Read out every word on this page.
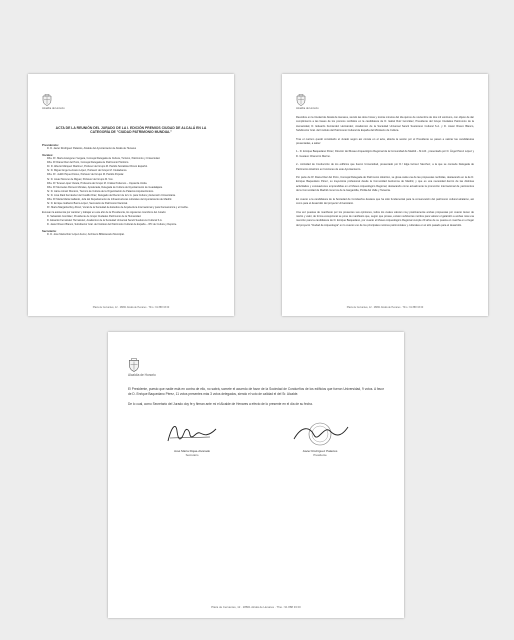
Alcaldía de Honorio
ACTA DE LA REUNIÓN DEL JURADO DE LA I. EDICIÓN PREMIOS CIUDAD DE ALCALÁ EN LA CATEGORÍA DE "CIUDAD PATRIMONIO MUNDIAL"
Presidencia:
D. D. Javier Rodríguez Palacios, Alcalde del Ayuntamiento de Alcalá de Henares
Vocales:
Dña. Dª. María Aranguren Vergara, Concejal Delegada de Cultura, Turismo, Patrimonio y Universidad.
Dña. Dª Diana Díaz del Pozo, Concejal Delegada de Patrimonio Histórico.
Dr. D. Alberto Márquez Martínez, Profesor del Grupo M. Partido Socialista Obrero Español.
Sr. D. Miguel Ángel Lezcano López, Portavoz del Grupo M. Ciudadanos.
Dña. Dª. Judith Piquet Flores, Portavoz del Grupo M. Partido Popular.
Sr. D. Javier Moreno de Miguel, Portavoz del Grupo M. Vox.
Dña. Dª Teresa López Varela, Profesora del Grupo M. Unidas Podemos – Izquierda Unida.
Dña. Dª Mercedes Romero Morales, Apoderada, Delegada de Cultura del Ayuntamiento de Guadalajara.
Sr. D. Jaime Arnaiz Montoro, Técnico de Cultura de la Organización de Palacios Arquitectónicos.
Sr. D. José Raúl Fernández del Castillo Díaz, Delegado del Rector de la U.A. para Cultura y Extensión Universitaria.
Dña. Dª Marta Marta Gallardo, Jefa del Departamento de Infraestructuras culturales del Ayuntamiento de Madrid.
Sr. D. Enrique Galbarro Barco-López, Secretario de Patrimonio Nacional.
Dª. María Margarita Rey-Pérez, Vocal de la Sociedad de Estudios de Arquitectura Internacional y para Iberoamérica y el Caribe.
Excusan la asistencia por carácter y trabajar en este año de la Presidencia, los siguientes miembros del Jurado:
D. Sebastián González, Presidente de Grupo Ciudades Patrimonio de la Humanidad.
D. Eduardo Fernández Hernández, Académico de la Sociedad Universal Sancti Soeitoreno Cultural S.A.
D. Javier Rivero Blanco, Subdirector Gral. del Instituto del Patrimonio Cultural de España – IPC de Cultura y Deporte.
Secretaría:
D. D. José María Ruiz López-Ferrer, Archivero Bibliotecario Municipal.
Plaza de Cervantes, 12 · 28801 Alcalá de Henares · Tfno.: 91 888 33 00
Alcaldía de Honorio

Reunidos en la Ciudad de Alcalá de Henares, siendo las doce horas y treinta minutos del día quince de noviembre de dos mil veintiuno, con objeto de dar cumplimiento a las bases de los premios recibidos en la candidatura de D. Isabel Ruiz González, Presidente del Grupo Ciudades Patrimonio de la Humanidad, D. Eduardo Fernández Hernández, Académico de la Sociedad Universal Sancti Soeitoreno Cultural S.A. y D. Javier Rivero Blanco, Subdirector Gral. del Instituto del Patrimonio Cultural de España del Ministerio de Cultura.

Tras el cuórum quedó constituido el Jurado según así consta en el acta, abierta la sesión por el Presidente se pasan a valorar las candidaturas presentadas, a saber:

1.- D. Enrique Baquedano Pérez, Director del Museo Arqueológico Regional de la Comunidad de Madrid – M.A.R., presentado por D. Ángel Pérez López y D. Gustavo Chamorro Merino.

2.- Actividad de Conducción de los edificios que fueron Universidad, presentado por D.ª Elga Gómez Sánchez, a la que se concede Delegada de Patrimonio Histórico en funciones de este Ayuntamiento.

Por parte de Dª Diana Díaz del Pozo, Concejal Delegada de Patrimonio Histórico, se glosa cada una de las propuestas recibidas, destacando en la de D. Enrique Baquedano Pérez, su trayectoria profesional desde la Comunidad Autónoma de Madrid, y que es una necesidad dentro de las distintas actividades y excavaciones emprendidas en el Museo Arqueológico Regional, destacando como actualmente la promoción internacional de yacimientos de la Comunidad de Madrid como los de la Gargantilla, Pinilla del Valle y Tanarcia.

En cuanto a la candidatura de la Sociedad de Condueños destaca que ha sido fundamental para la conservación del patrimonio cultural alcalaíno, así como para el desarrollo del proyecto Universitario.

Una vez puestas de manifiesto por los presentes sus opiniones, todos los cuales valoran muy positivamente ambas propuestas por cuanto tienen de mérito y valor, de forma excepcional se pone de manifiesto que, según que prosas, existen suficientes méritos para valorar el galardón a ambas más una mención para la candidatura de D. Enrique Baquedano, por cuanto el Museo Arqueológico Regional cumple 20 años de su puesta en marcha en el lugar del proyecto "Ciudad de Arqueología" en lo cuanto uno de los principales motores patrimoniales y culturales en el año pasado para el desarrollo.

Plaza de Cervantes, 12 · 28801 Alcalá de Henares · Tfno.: 91 888 33 00
Alcaldía de Honorio

El Presidente, puesto que nadie está en contra de ello, no sabrá, somete el acuerdo de favor de la Sociedad de Condueños de los edificios que fueron Universidad, 9 votos. A favor de D. Enrique Baquedano Pérez, 11 votos presentes más 3 votos delegados, siendo el voto de calidad el del Sr. Alcalde.

De lo cual, como Secretario del Jurado doy fe y firman ante mí el Alcalde de Henares a efecto de lo presente en el día de su fecha.

José María Rojas-Alvarado
Secretario
Javier Rodríguez Palacios
Presidente
Plaza de Cervantes, 12 · 28801 Alcalá de Henares · Tfno.: 91 888 33 00
